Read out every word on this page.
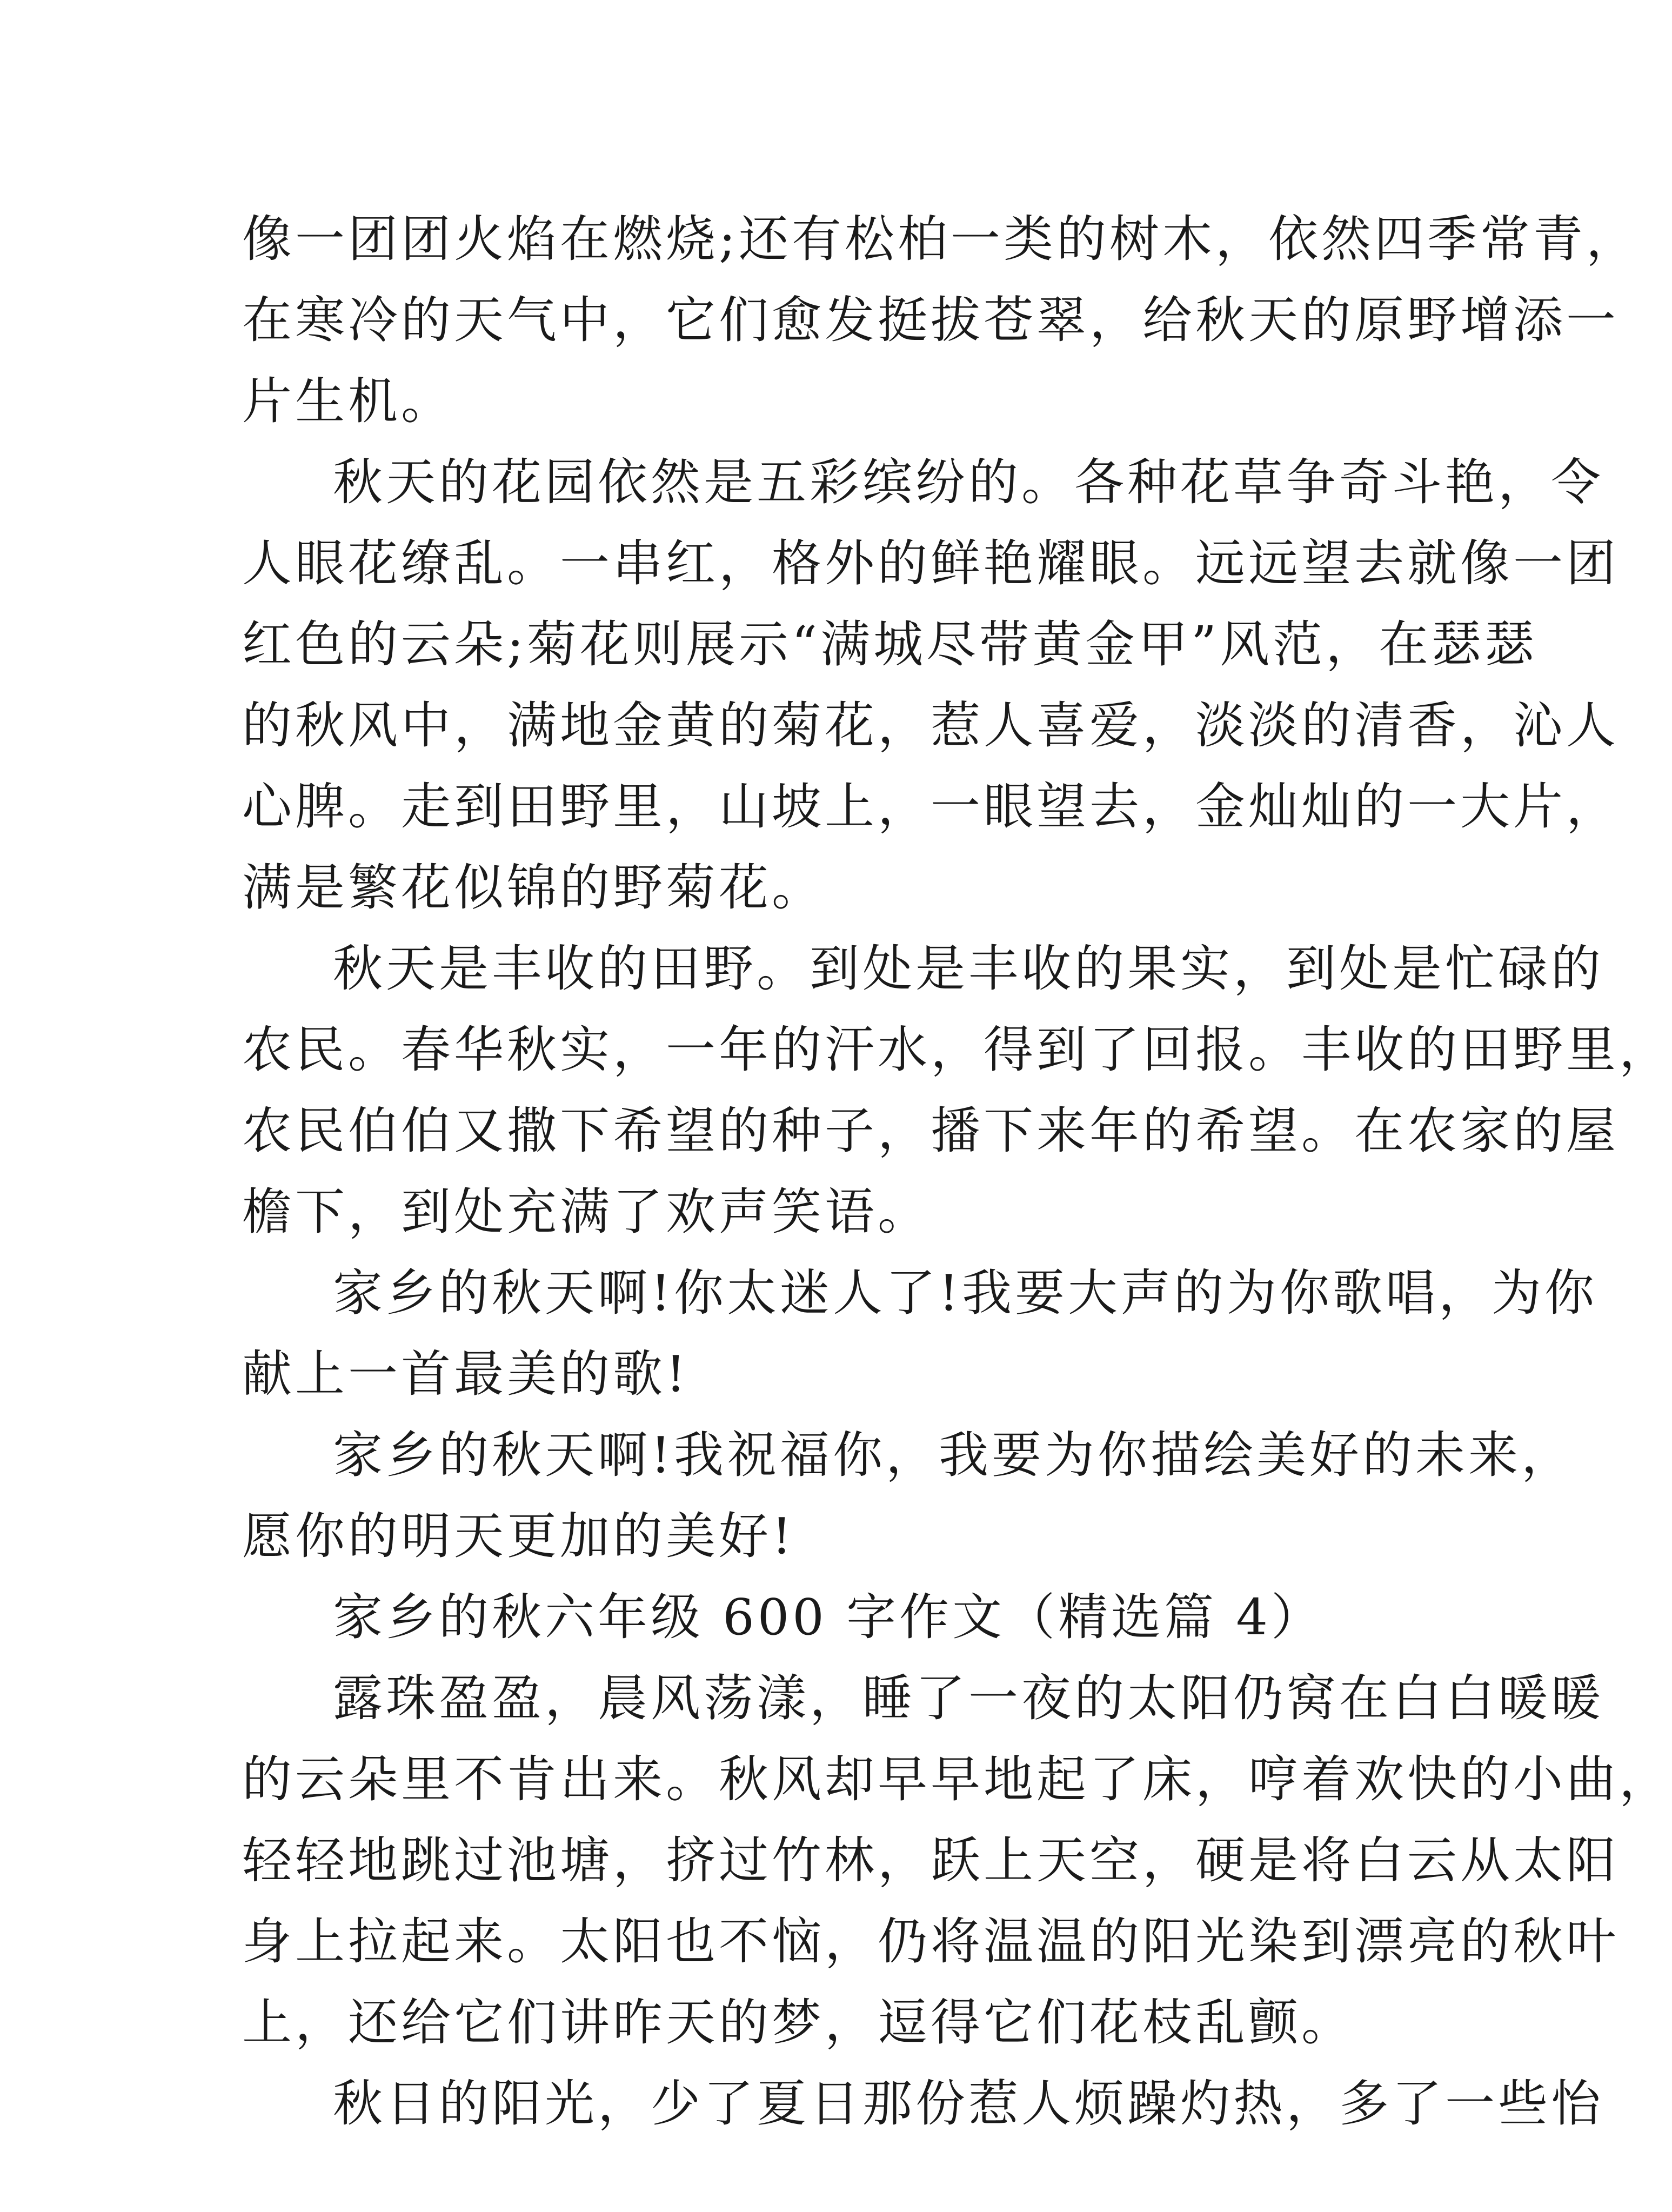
像一团团火焰在燃烧;还有松柏一类的树木，依然四季常青，
在寒冷的天气中，它们愈发挺拔苍翠，给秋天的原野增添一
片生机。
秋天的花园依然是五彩缤纷的。各种花草争奇斗艳，令
人眼花缭乱。一串红，格外的鲜艳耀眼。远远望去就像一团
红色的云朵;菊花则展示“满城尽带黄金甲”风范，在瑟瑟
的秋风中，满地金黄的菊花，惹人喜爱，淡淡的清香，沁人
心脾。走到田野里，山坡上，一眼望去，金灿灿的一大片，
满是繁花似锦的野菊花。
秋天是丰收的田野。到处是丰收的果实，到处是忙碌的
农民。春华秋实，一年的汗水，得到了回报。丰收的田野里，
农民伯伯又撒下希望的种子，播下来年的希望。在农家的屋
檐下，到处充满了欢声笑语。
家乡的秋天啊!你太迷人了!我要大声的为你歌唱，为你
献上一首最美的歌!
家乡的秋天啊!我祝福你，我要为你描绘美好的未来，
愿你的明天更加的美好!
家乡的秋六年级 600 字作文（精选篇 4）
露珠盈盈，晨风荡漾，睡了一夜的太阳仍窝在白白暖暖
的云朵里不肯出来。秋风却早早地起了床，哼着欢快的小曲，
轻轻地跳过池塘，挤过竹林，跃上天空，硬是将白云从太阳
身上拉起来。太阳也不恼，仍将温温的阳光染到漂亮的秋叶
上，还给它们讲昨天的梦，逗得它们花枝乱颤。
秋日的阳光，少了夏日那份惹人烦躁灼热，多了一些怡
